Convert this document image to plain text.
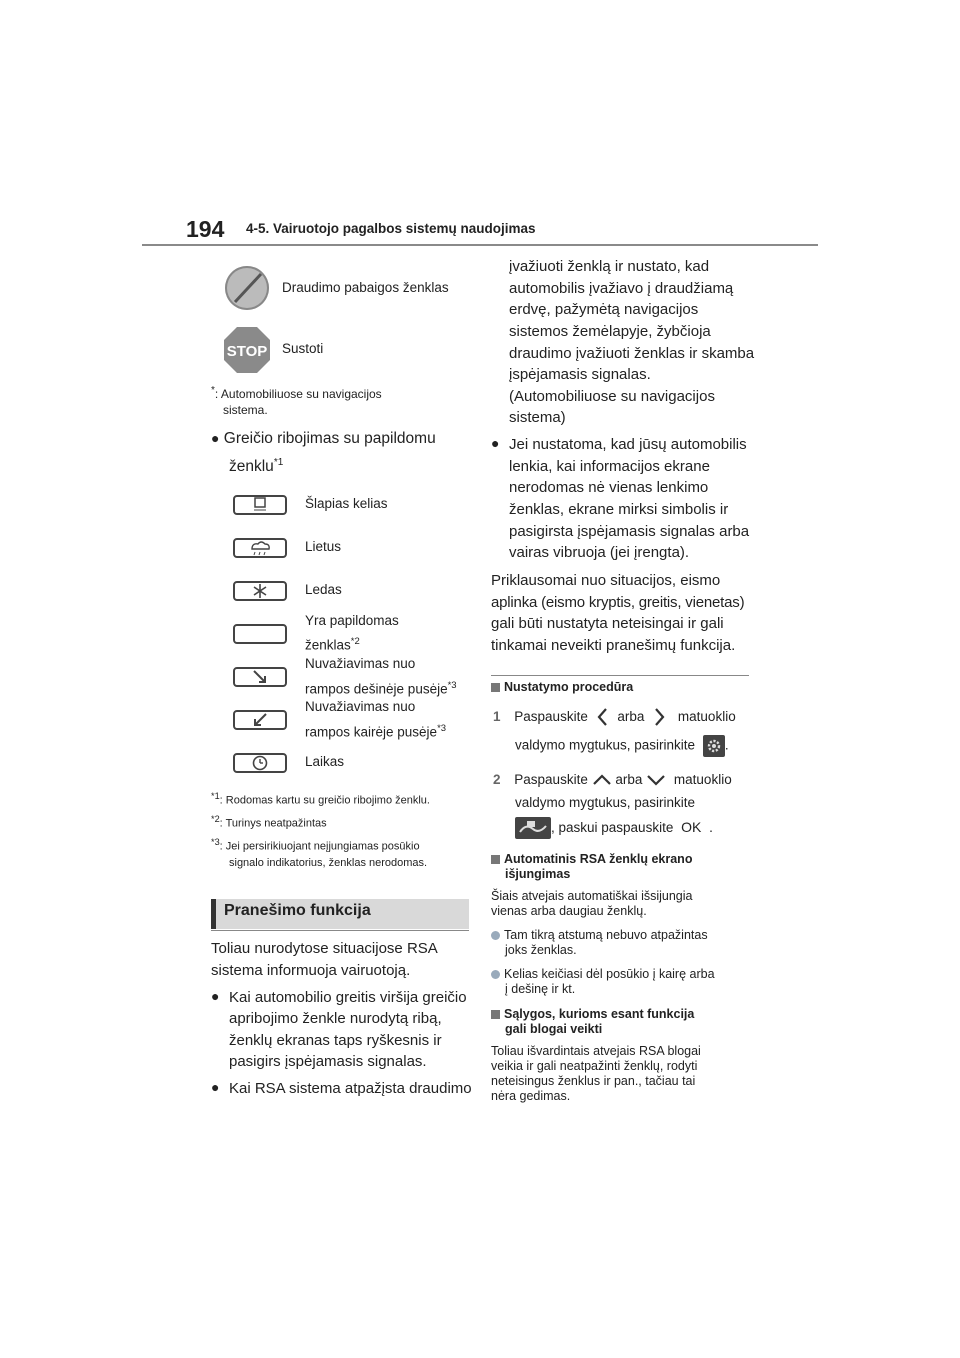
194 4-5. Vairuotojo pagalbos sistemų naudojimas
Draudimo pabaigos ženklas
STOP Sustoti
*: Automobiliuose su navigacijos
sistema.
● Greičio ribojimas su papildomu
ženklu$^{*1}$
Šlapias kelias
Lietus
Ledas
Yra papildomas
ženklas$^{*2}$
Nuvažiavimas nuo
rampos dešinėje pusėje$^{*3}$
Nuvažiavimas nuo
rampos kairėje pusėje$^{*3}$
Laikas
$^{*1}$: Rodomas kartu su greičio ribojimo ženklu.
$^{*2}$: Turinys neatpažintas
$^{*3}$: Jei persirikiuojant neįjungiamas posūkio
signalo indikatorius, ženklas nerodomas.
Pranešimo funkcija
Toliau nurodytose situacijose RSA
sistema informuoja vairuotoją.
● Kai automobilio greitis viršija greičio
apribojimo ženkle nurodytą ribą,
ženklų ekranas taps ryškesnis ir
pasigirs įspėjamasis signalas.
● Kai RSA sistema atpažįsta draudimo
įvažiuoti ženklą ir nustato, kad
automobilis įvažiavo į draudžiamą
erdvę, pažymėtą navigacijos
sistemos žemėlapyje, žybčioja
draudimo įvažiuoti ženklas ir skamba
įspėjamasis signalas.
(Automobiliuose su navigacijos
sistema)
● Jei nustatoma, kad jūsų automobilis
lenkia, kai informacijos ekrane
nerodomas nė vienas lenkimo
ženklas, ekrane mirksi simbolis ir
pasigirsta įspėjamasis signalas arba
vairas vibruoja (jei įrengta).
Priklausomai nuo situacijos, eismo
aplinka (eismo kryptis, greitis, vienetas)
gali būti nustatyta neteisingai ir gali
tinkamai neveikti pranešimų funkcija.
Nustatymo procedūra
1 Paspauskite arba matuoklio
valdymo mygtukus, pasirinkite .
2 Paspauskite arba matuoklio
valdymo mygtukus, pasirinkite
, paskui paspauskite OK .
Automatinis RSA ženklų ekrano
išjungimas
Šiais atvejais automatiškai išsijungia
vienas arba daugiau ženklų.
Tam tikrą atstumą nebuvo atpažintas
joks ženklas.
Kelias keičiasi dėl posūkio į kairę arba
į dešinę ir kt.
Sąlygos, kurioms esant funkcija
gali blogai veikti
Toliau išvardintais atvejais RSA blogai
veikia ir gali neatpažinti ženklų, rodyti
neteisingus ženklus ir pan., tačiau tai
nėra gedimas.
